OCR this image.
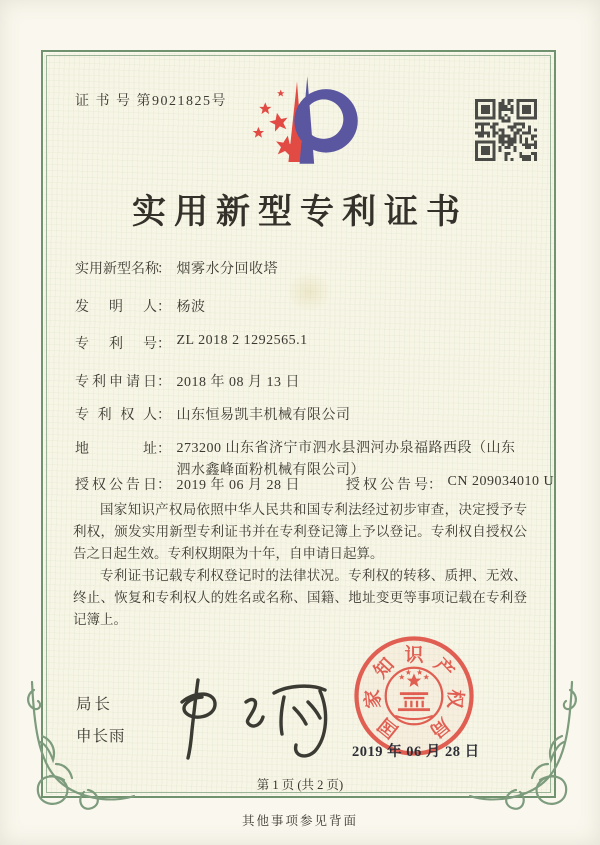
证 书 号 第9021825号
实用新型专利证书
实用新型名称： 烟雾水分回收塔
发明人： 杨波
专利号： ZL 2018 2 1292565.1
专利申请日： 2018 年 08 月 13 日
专利权人： 山东恒易凯丰机械有限公司
地址： 273200 山东省济宁市泗水县泗河办泉福路西段（山东泗水鑫峰面粉机械有限公司）
授权公告日： 2019 年 06 月 28 日	授权公告号： CN 209034010 U

国家知识产权局依照中华人民共和国专利法经过初步审查，决定授予专利权，颁发实用新型专利证书并在专利登记簿上予以登记。专利权自授权公告之日起生效。专利权期限为十年，自申请日起算。

专利证书记载专利权登记时的法律状况。专利权的转移、质押、无效、终止、恢复和专利权人的姓名或名称、国籍、地址变更等事项记载在专利登记簿上。

局长
申长雨	国
家
知 识 产
权
局
2019 年 06 月 28 日
第 1 页 (共 2 页)
其他事项参见背面
